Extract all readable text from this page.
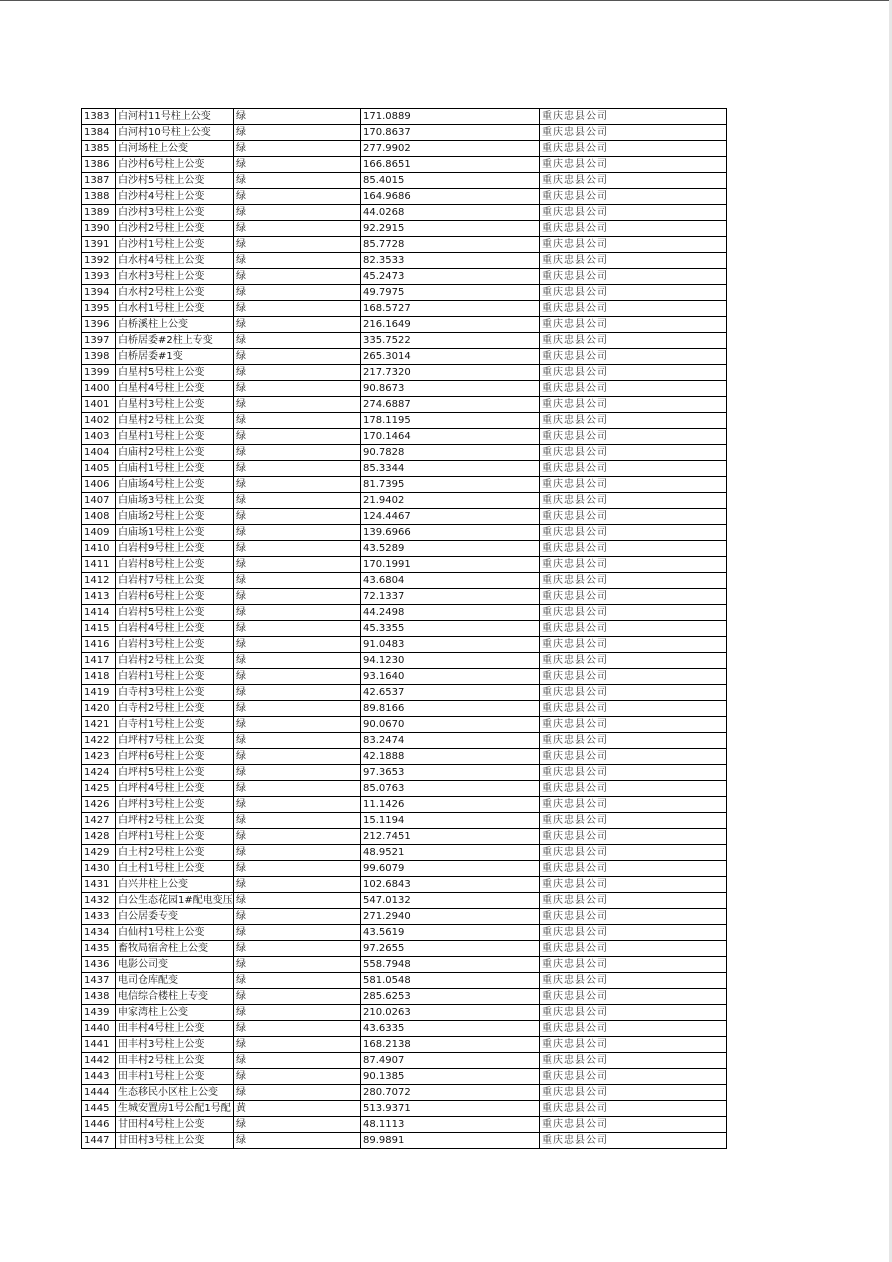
1383	白河村11号柱上公变	绿	171.0889	重庆忠县公司
1384	白河村10号柱上公变	绿	170.8637	重庆忠县公司
1385	白河场柱上公变	绿	277.9902	重庆忠县公司
1386	白沙村6号柱上公变	绿	166.8651	重庆忠县公司
1387	白沙村5号柱上公变	绿	85.4015	重庆忠县公司
1388	白沙村4号柱上公变	绿	164.9686	重庆忠县公司
1389	白沙村3号柱上公变	绿	44.0268	重庆忠县公司
1390	白沙村2号柱上公变	绿	92.2915	重庆忠县公司
1391	白沙村1号柱上公变	绿	85.7728	重庆忠县公司
1392	白水村4号柱上公变	绿	82.3533	重庆忠县公司
1393	白水村3号柱上公变	绿	45.2473	重庆忠县公司
1394	白水村2号柱上公变	绿	49.7975	重庆忠县公司
1395	白水村1号柱上公变	绿	168.5727	重庆忠县公司
1396	白桥溪柱上公变	绿	216.1649	重庆忠县公司
1397	白桥居委#2柱上专变	绿	335.7522	重庆忠县公司
1398	白桥居委#1变	绿	265.3014	重庆忠县公司
1399	白星村5号柱上公变	绿	217.7320	重庆忠县公司
1400	白星村4号柱上公变	绿	90.8673	重庆忠县公司
1401	白星村3号柱上公变	绿	274.6887	重庆忠县公司
1402	白星村2号柱上公变	绿	178.1195	重庆忠县公司
1403	白星村1号柱上公变	绿	170.1464	重庆忠县公司
1404	白庙村2号柱上公变	绿	90.7828	重庆忠县公司
1405	白庙村1号柱上公变	绿	85.3344	重庆忠县公司
1406	白庙场4号柱上公变	绿	81.7395	重庆忠县公司
1407	白庙场3号柱上公变	绿	21.9402	重庆忠县公司
1408	白庙场2号柱上公变	绿	124.4467	重庆忠县公司
1409	白庙场1号柱上公变	绿	139.6966	重庆忠县公司
1410	白岩村9号柱上公变	绿	43.5289	重庆忠县公司
1411	白岩村8号柱上公变	绿	170.1991	重庆忠县公司
1412	白岩村7号柱上公变	绿	43.6804	重庆忠县公司
1413	白岩村6号柱上公变	绿	72.1337	重庆忠县公司
1414	白岩村5号柱上公变	绿	44.2498	重庆忠县公司
1415	白岩村4号柱上公变	绿	45.3355	重庆忠县公司
1416	白岩村3号柱上公变	绿	91.0483	重庆忠县公司
1417	白岩村2号柱上公变	绿	94.1230	重庆忠县公司
1418	白岩村1号柱上公变	绿	93.1640	重庆忠县公司
1419	白寺村3号柱上公变	绿	42.6537	重庆忠县公司
1420	白寺村2号柱上公变	绿	89.8166	重庆忠县公司
1421	白寺村1号柱上公变	绿	90.0670	重庆忠县公司
1422	白坪村7号柱上公变	绿	83.2474	重庆忠县公司
1423	白坪村6号柱上公变	绿	42.1888	重庆忠县公司
1424	白坪村5号柱上公变	绿	97.3653	重庆忠县公司
1425	白坪村4号柱上公变	绿	85.0763	重庆忠县公司
1426	白坪村3号柱上公变	绿	11.1426	重庆忠县公司
1427	白坪村2号柱上公变	绿	15.1194	重庆忠县公司
1428	白坪村1号柱上公变	绿	212.7451	重庆忠县公司
1429	白土村2号柱上公变	绿	48.9521	重庆忠县公司
1430	白土村1号柱上公变	绿	99.6079	重庆忠县公司
1431	白兴井柱上公变	绿	102.6843	重庆忠县公司
1432	白公生态花园1#配电变压	绿	547.0132	重庆忠县公司
1433	白公居委专变	绿	271.2940	重庆忠县公司
1434	白仙村1号柱上公变	绿	43.5619	重庆忠县公司
1435	畜牧局宿舍柱上公变	绿	97.2655	重庆忠县公司
1436	电影公司变	绿	558.7948	重庆忠县公司
1437	电司仓库配变	绿	581.0548	重庆忠县公司
1438	电信综合楼柱上专变	绿	285.6253	重庆忠县公司
1439	申家湾柱上公变	绿	210.0263	重庆忠县公司
1440	田丰村4号柱上公变	绿	43.6335	重庆忠县公司
1441	田丰村3号柱上公变	绿	168.2138	重庆忠县公司
1442	田丰村2号柱上公变	绿	87.4907	重庆忠县公司
1443	田丰村1号柱上公变	绿	90.1385	重庆忠县公司
1444	生态移民小区柱上公变	绿	280.7072	重庆忠县公司
1445	生城安置房1号公配1号配	黄	513.9371	重庆忠县公司
1446	甘田村4号柱上公变	绿	48.1113	重庆忠县公司
1447	甘田村3号柱上公变	绿	89.9891	重庆忠县公司
